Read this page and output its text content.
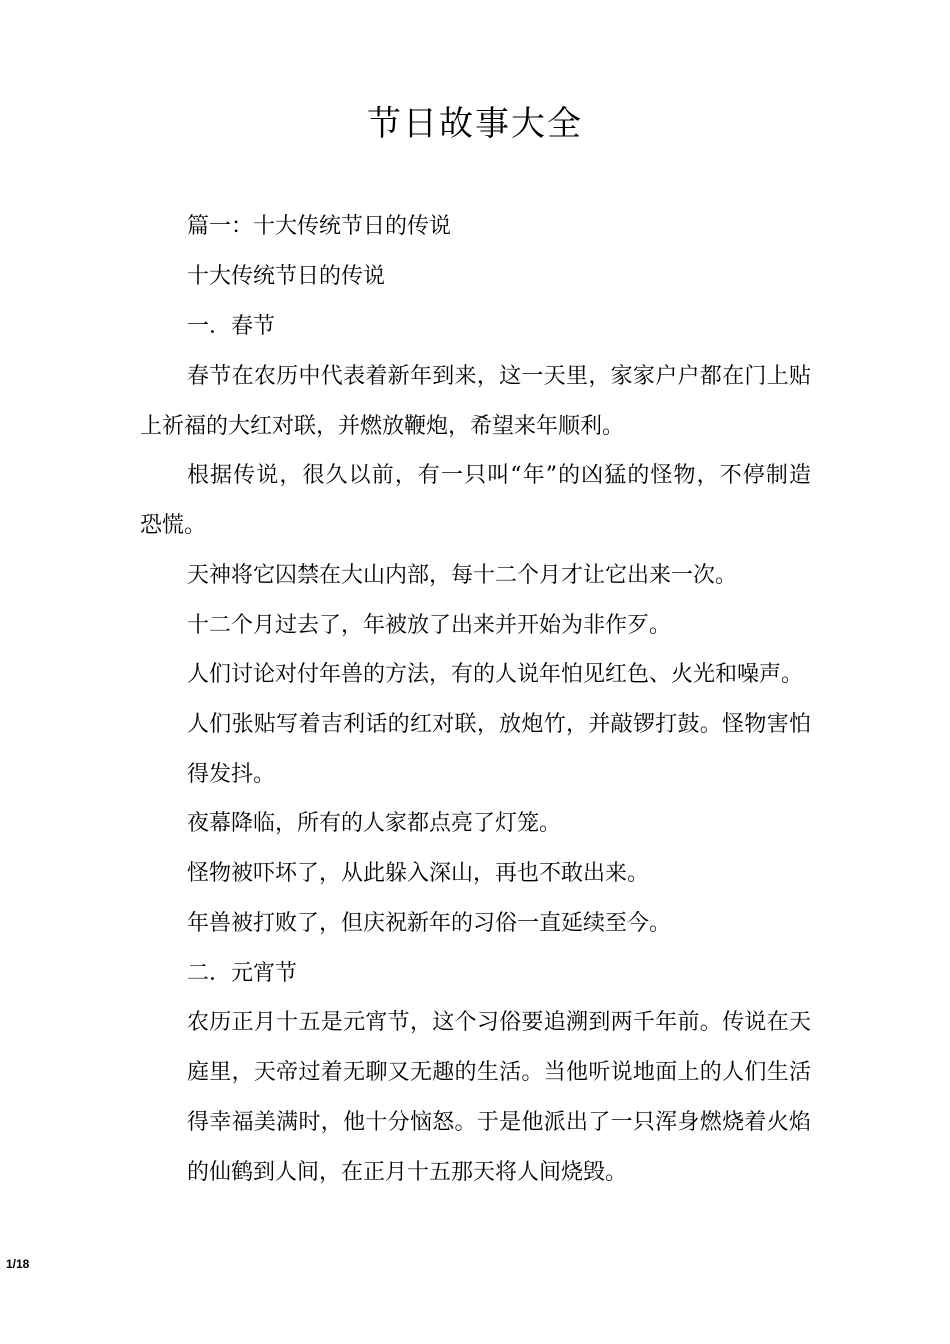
节日故事大全
篇一：十大传统节日的传说
十大传统节日的传说
一．春节
春节在农历中代表着新年到来，这一天里，家家户户都在门上贴
上祈福的大红对联，并燃放鞭炮，希望来年顺利。
根据传说，很久以前，有一只叫“年”的凶猛的怪物，不停制造
恐慌。
天神将它囚禁在大山内部，每十二个月才让它出来一次。
十二个月过去了，年被放了出来并开始为非作歹。
人们讨论对付年兽的方法，有的人说年怕见红色、火光和噪声。
人们张贴写着吉利话的红对联，放炮竹，并敲锣打鼓。怪物害怕
得发抖。
夜幕降临，所有的人家都点亮了灯笼。
怪物被吓坏了，从此躲入深山，再也不敢出来。
年兽被打败了，但庆祝新年的习俗一直延续至今。
二．元宵节
农历正月十五是元宵节，这个习俗要追溯到两千年前。传说在天
庭里，天帝过着无聊又无趣的生活。当他听说地面上的人们生活
得幸福美满时，他十分恼怒。于是他派出了一只浑身燃烧着火焰
的仙鹤到人间，在正月十五那天将人间烧毁。
1/18
